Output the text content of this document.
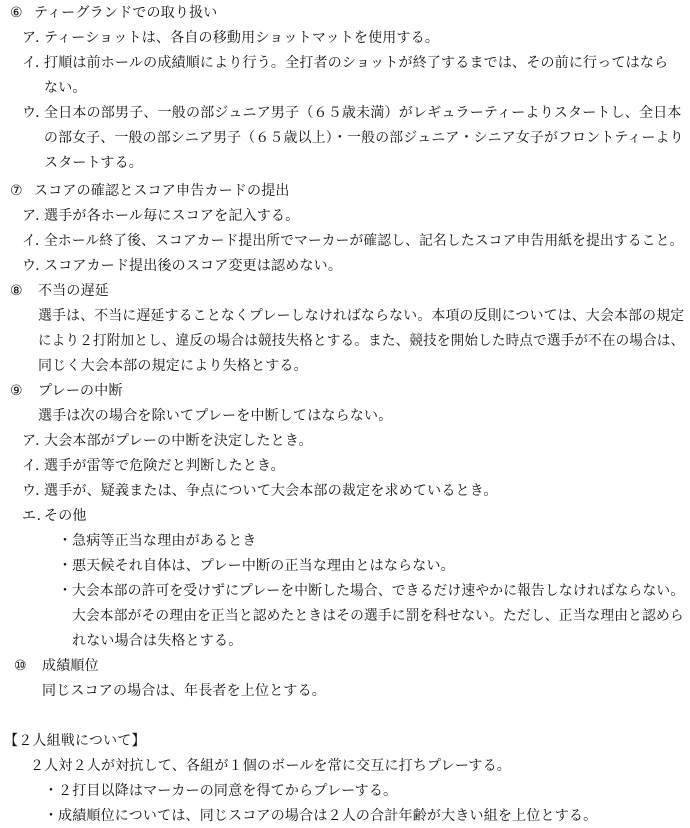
⑥ ティーグランドでの取り扱い
ア．
ティーショットは、各自の移動用ショットマットを使用する。
イ．
打順は前ホールの成績順により行う。全打者のショットが終了するまでは、その前に行ってはなら
ない。
ウ．
全日本の部男子、一般の部ジュニア男子（６５歳未満）がレギュラーティーよりスタートし、全日本
の部女子、一般の部シニア男子（６５歳以上）・一般の部ジュニア・シニア女子がフロントティーより
スタートする。
⑦ スコアの確認とスコア申告カードの提出
ア．
選手が各ホール毎にスコアを記入する。
イ．
全ホール終了後、スコアカード提出所でマーカーが確認し、記名したスコア申告用紙を提出すること。
ウ．
スコアカード提出後のスコア変更は認めない。
⑧ 不当の遅延
選手は、不当に遅延することなくプレーしなければならない。本項の反則については、大会本部の規定
により２打附加とし、違反の場合は競技失格とする。また、競技を開始した時点で選手が不在の場合は、
同じく大会本部の規定により失格とする。
⑨ プレーの中断
選手は次の場合を除いてプレーを中断してはならない。
ア．
大会本部がプレーの中断を決定したとき。
イ．
選手が雷等で危険だと判断したとき。
ウ．
選手が、疑義または、争点について大会本部の裁定を求めているとき。
エ．
その他
・ 急病等正当な理由があるとき
・ 悪天候それ自体は、プレー中断の正当な理由とはならない。
・ 大会本部の許可を受けずにプレーを中断した場合、できるだけ速やかに報告しなければならない。
大会本部がその理由を正当と認めたときはその選手に罰を科せない。ただし、正当な理由と認めら
れない場合は失格とする。
⑩ 成績順位
同じスコアの場合は、年長者を上位とする。
【２人組戦について】
２人対２人が対抗して、各組が１個のボールを常に交互に打ちプレーする。
・ ２打目以降はマーカーの同意を得てからプレーする。
・ 成績順位については、同じスコアの場合は２人の合計年齢が大きい組を上位とする。
